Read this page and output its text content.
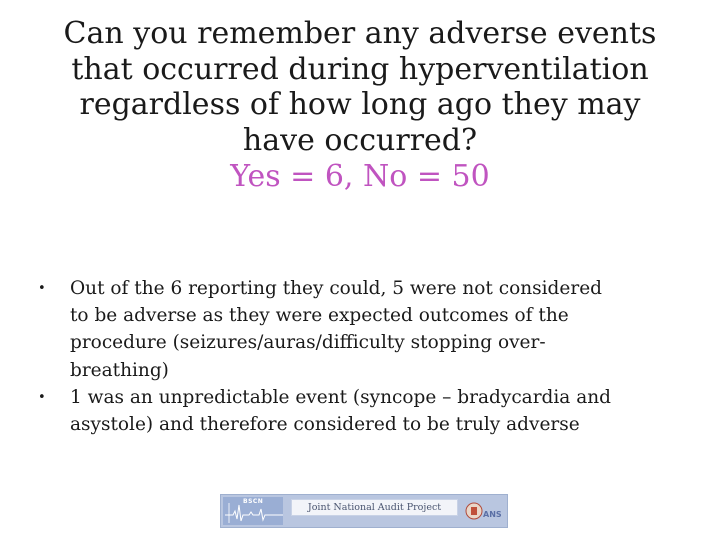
Can you remember any adverse events
that occurred during hyperventilation
regardless of how long ago they may
have occurred?
Yes = 6, No = 50
•	Out of the 6 reporting they could, 5 were not considered
to be adverse as they were expected outcomes of the
procedure (seizures/auras/difficulty stopping over-
breathing)
•	1 was an unpredictable event (syncope – bradycardia and
asystole) and therefore considered to be truly adverse
BSCN
Joint National Audit Project
ANS
